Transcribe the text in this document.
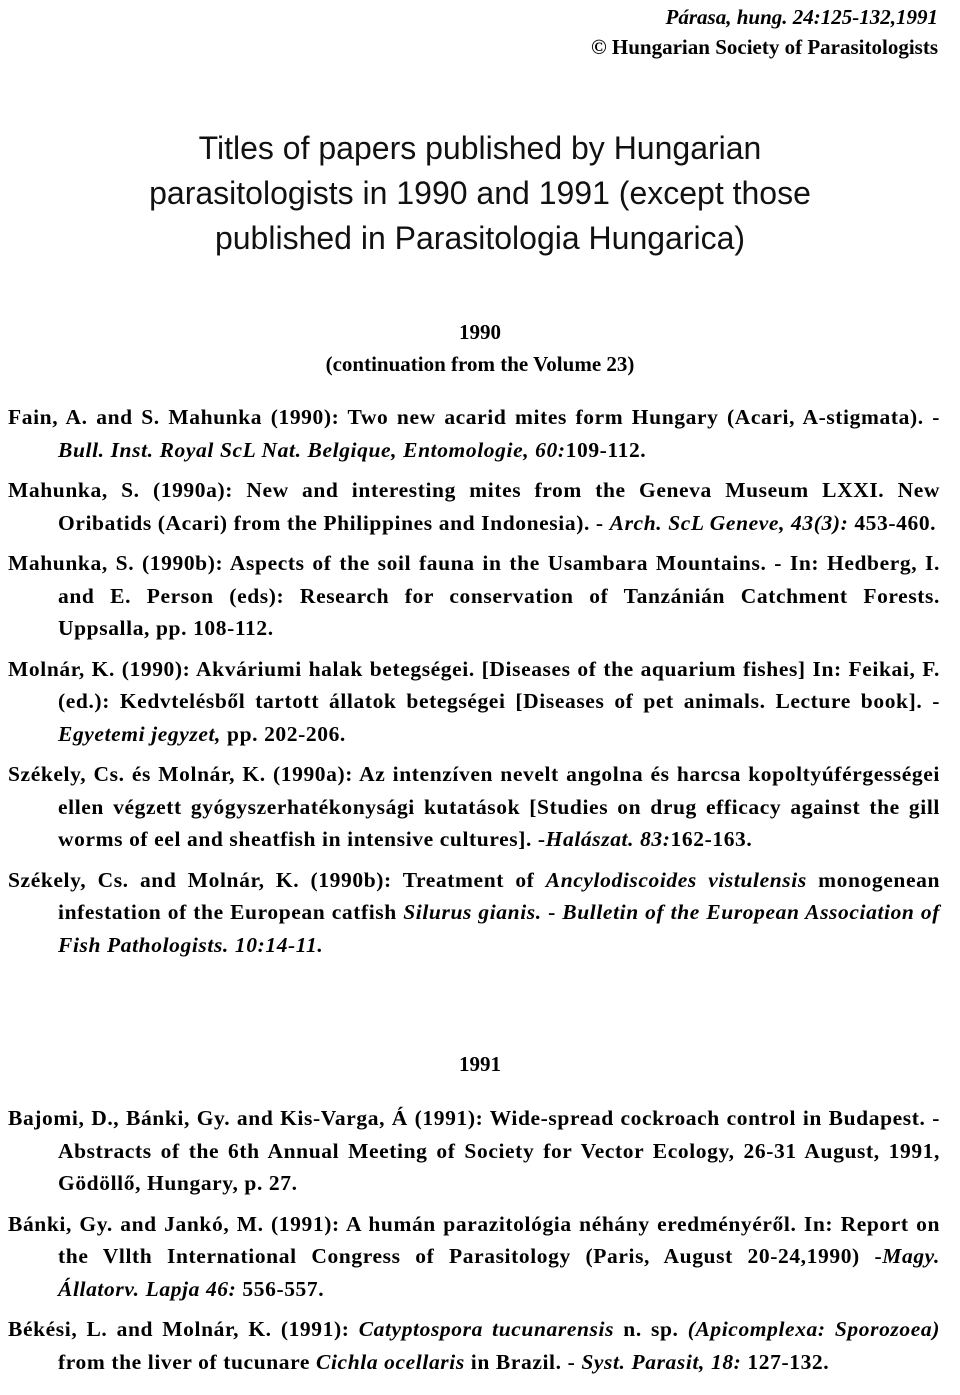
Párasa, hung. 24:125-132,1991
© Hungarian Society of Parasitologists
Titles of papers published by Hungarian
parasitologists in 1990 and 1991 (except those
published in Parasitologia Hungarica)
1990
(continuation from the Volume 23)

Fain, A. and S. Mahunka (1990): Two new acarid mites form Hungary (Acari, A-stigmata). -Bull. Inst. Royal ScL Nat. Belgique, Entomologie, 60:109-112.

Mahunka, S. (1990a): New and interesting mites from the Geneva Museum LXXI. New Oribatids (Acari) from the Philippines and Indonesia). - Arch. ScL Geneve, 43(3): 453-460.

Mahunka, S. (1990b): Aspects of the soil fauna in the Usambara Mountains. - In: Hedberg, I. and E. Person (eds): Research for conservation of Tanzánián Catchment Forests. Uppsalla, pp. 108-112.

Molnár, K. (1990): Akváriumi halak betegségei. [Diseases of the aquarium fishes] In: Feikai, F. (ed.): Kedvtelésből tartott állatok betegségei [Diseases of pet animals. Lecture book]. - Egyetemi jegyzet, pp. 202-206.

Székely, Cs. és Molnár, K. (1990a): Az intenzíven nevelt angolna és harcsa kopoltyúférgességei ellen végzett gyógyszerhatékonysági kutatások [Studies on drug efficacy against the gill worms of eel and sheatfish in intensive cultures]. -Halászat. 83:162-163.

Székely, Cs. and Molnár, K. (1990b): Treatment of Ancylodiscoides vistulensis monogenean infestation of the European catfish Silurus gianis. - Bulletin of the European Association of Fish Pathologists. 10:14-11.

1991

Bajomi, D., Bánki, Gy. and Kis-Varga, Á (1991): Wide-spread cockroach control in Budapest. - Abstracts of the 6th Annual Meeting of Society for Vector Ecology, 26-31 August, 1991, Gödöllő, Hungary, p. 27.

Bánki, Gy. and Jankó, M. (1991): A humán parazitológia néhány eredményéről. In: Report on the Vllth International Congress of Parasitology (Paris, August 20-24,1990) -Magy. Állatorv. Lapja 46: 556-557.

Békési, L. and Molnár, K. (1991): Catyptospora tucunarensis n. sp. (Apicomplexa: Sporozoea) from the liver of tucunare Cichla ocellaris in Brazil. - Syst. Parasit, 18: 127-132.
